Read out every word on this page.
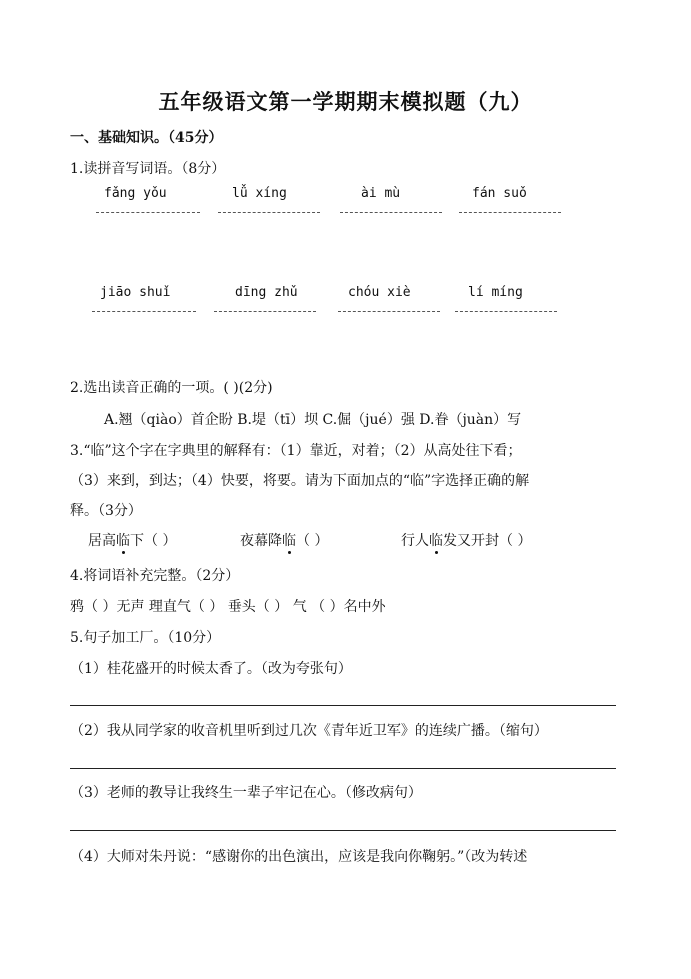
五年级语文第一学期期末模拟题（九）
一、基础知识。（45分）
1.读拼音写词语。（8分）
fǎng yǒu	lǚ xíng	ài mù	fán suǒ
jiāo shuǐ	dīng zhǔ	chóu xiè	lí míng
2.选出读音正确的一项。( )(2分)
A.翘（qiào）首企盼 B.堤（tī）坝 C.倔（jué）强 D.眷（juàn）写
3.“临”这个字在字典里的解释有：（1）靠近，对着；（2）从高处往下看；
（3）来到，到达；（4）快要，将要。请为下面加点的“临”字选择正确的解
释。（3分）
居高临下（ ）	夜幕降临（ ）	行人临发又开封（ ）
4.将词语补充完整。（2分）
鸦（ ）无声 理直气（ ） 垂头（ ） 气 （ ）名中外
5.句子加工厂。（10分）
（1）桂花盛开的时候太香了。（改为夸张句）
（2）我从同学家的收音机里听到过几次《青年近卫军》的连续广播。（缩句）
（3）老师的教导让我终生一辈子牢记在心。（修改病句）
（4）大师对朱丹说：“感谢你的出色演出，应该是我向你鞠躬。”（改为转述
